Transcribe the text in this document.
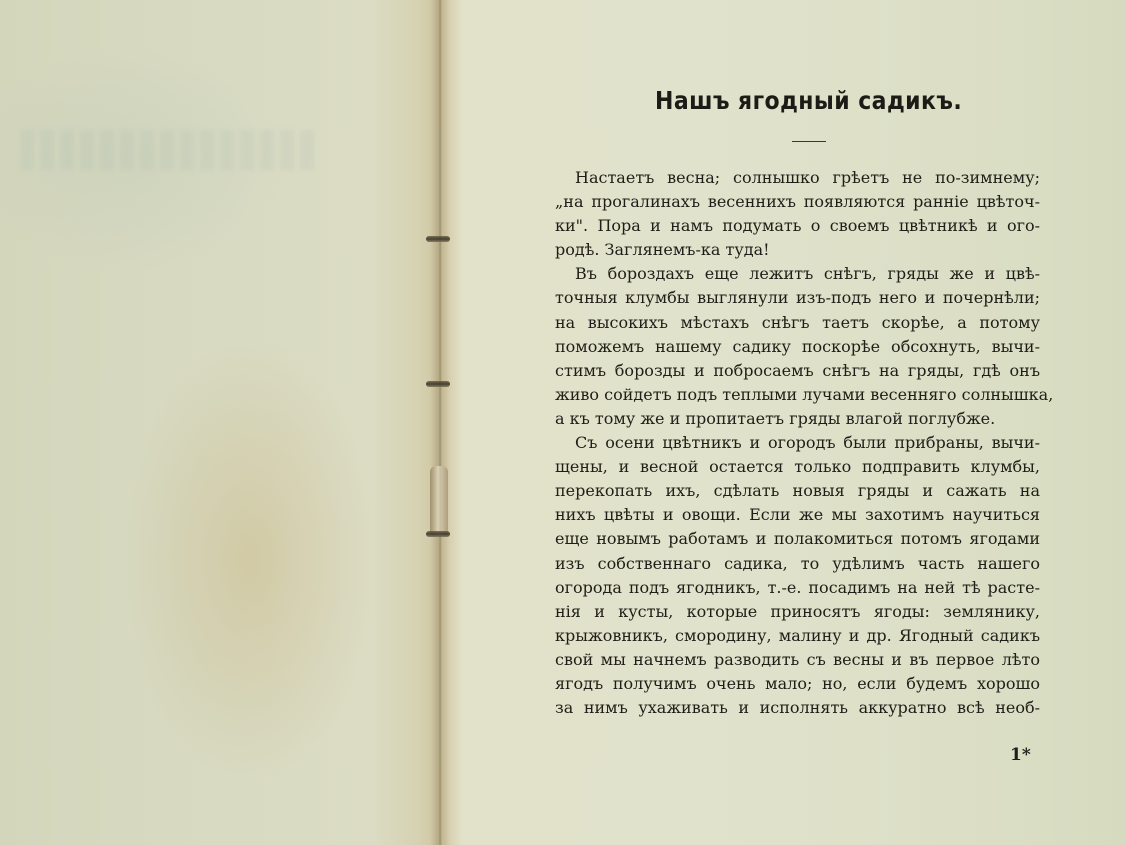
Нашъ ягодный садикъ.
Настаетъ весна; солнышко грѣетъ не по-зимнему;
„на прогалинахъ весеннихъ появляются раннiе цвѣточ-
ки". Пора и намъ подумать о своемъ цвѣтникѣ и ого-
родѣ. Заглянемъ-ка туда!
Въ бороздахъ еще лежитъ снѣгъ, гряды же и цвѣ-
точныя клумбы выглянули изъ-подъ него и почернѣли;
на высокихъ мѣстахъ снѣгъ таетъ скорѣе, а потому
поможемъ нашему садику поскорѣе обсохнуть, вычи-
стимъ борозды и побросаемъ снѣгъ на гряды, гдѣ онъ
живо сойдетъ подъ теплыми лучами весенняго солнышка,
а къ тому же и пропитаетъ гряды влагой поглубже.
Съ осени цвѣтникъ и огородъ были прибраны, вычи-
щены, и весной остается только подправить клумбы,
перекопать ихъ, сдѣлать новыя гряды и сажать на
нихъ цвѣты и овощи. Если же мы захотимъ научиться
еще новымъ работамъ и полакомиться потомъ ягодами
изъ собственнаго садика, то удѣлимъ часть нашего
огорода подъ ягодникъ, т.-е. посадимъ на ней тѣ расте-
нiя и кусты, которые приносятъ ягоды: землянику,
крыжовникъ, смородину, малину и др. Ягодный садикъ
свой мы начнемъ разводить съ весны и въ первое лѣто
ягодъ получимъ очень мало; но, если будемъ хорошо
за нимъ ухаживать и исполнять аккуратно всѣ необ-
1*
